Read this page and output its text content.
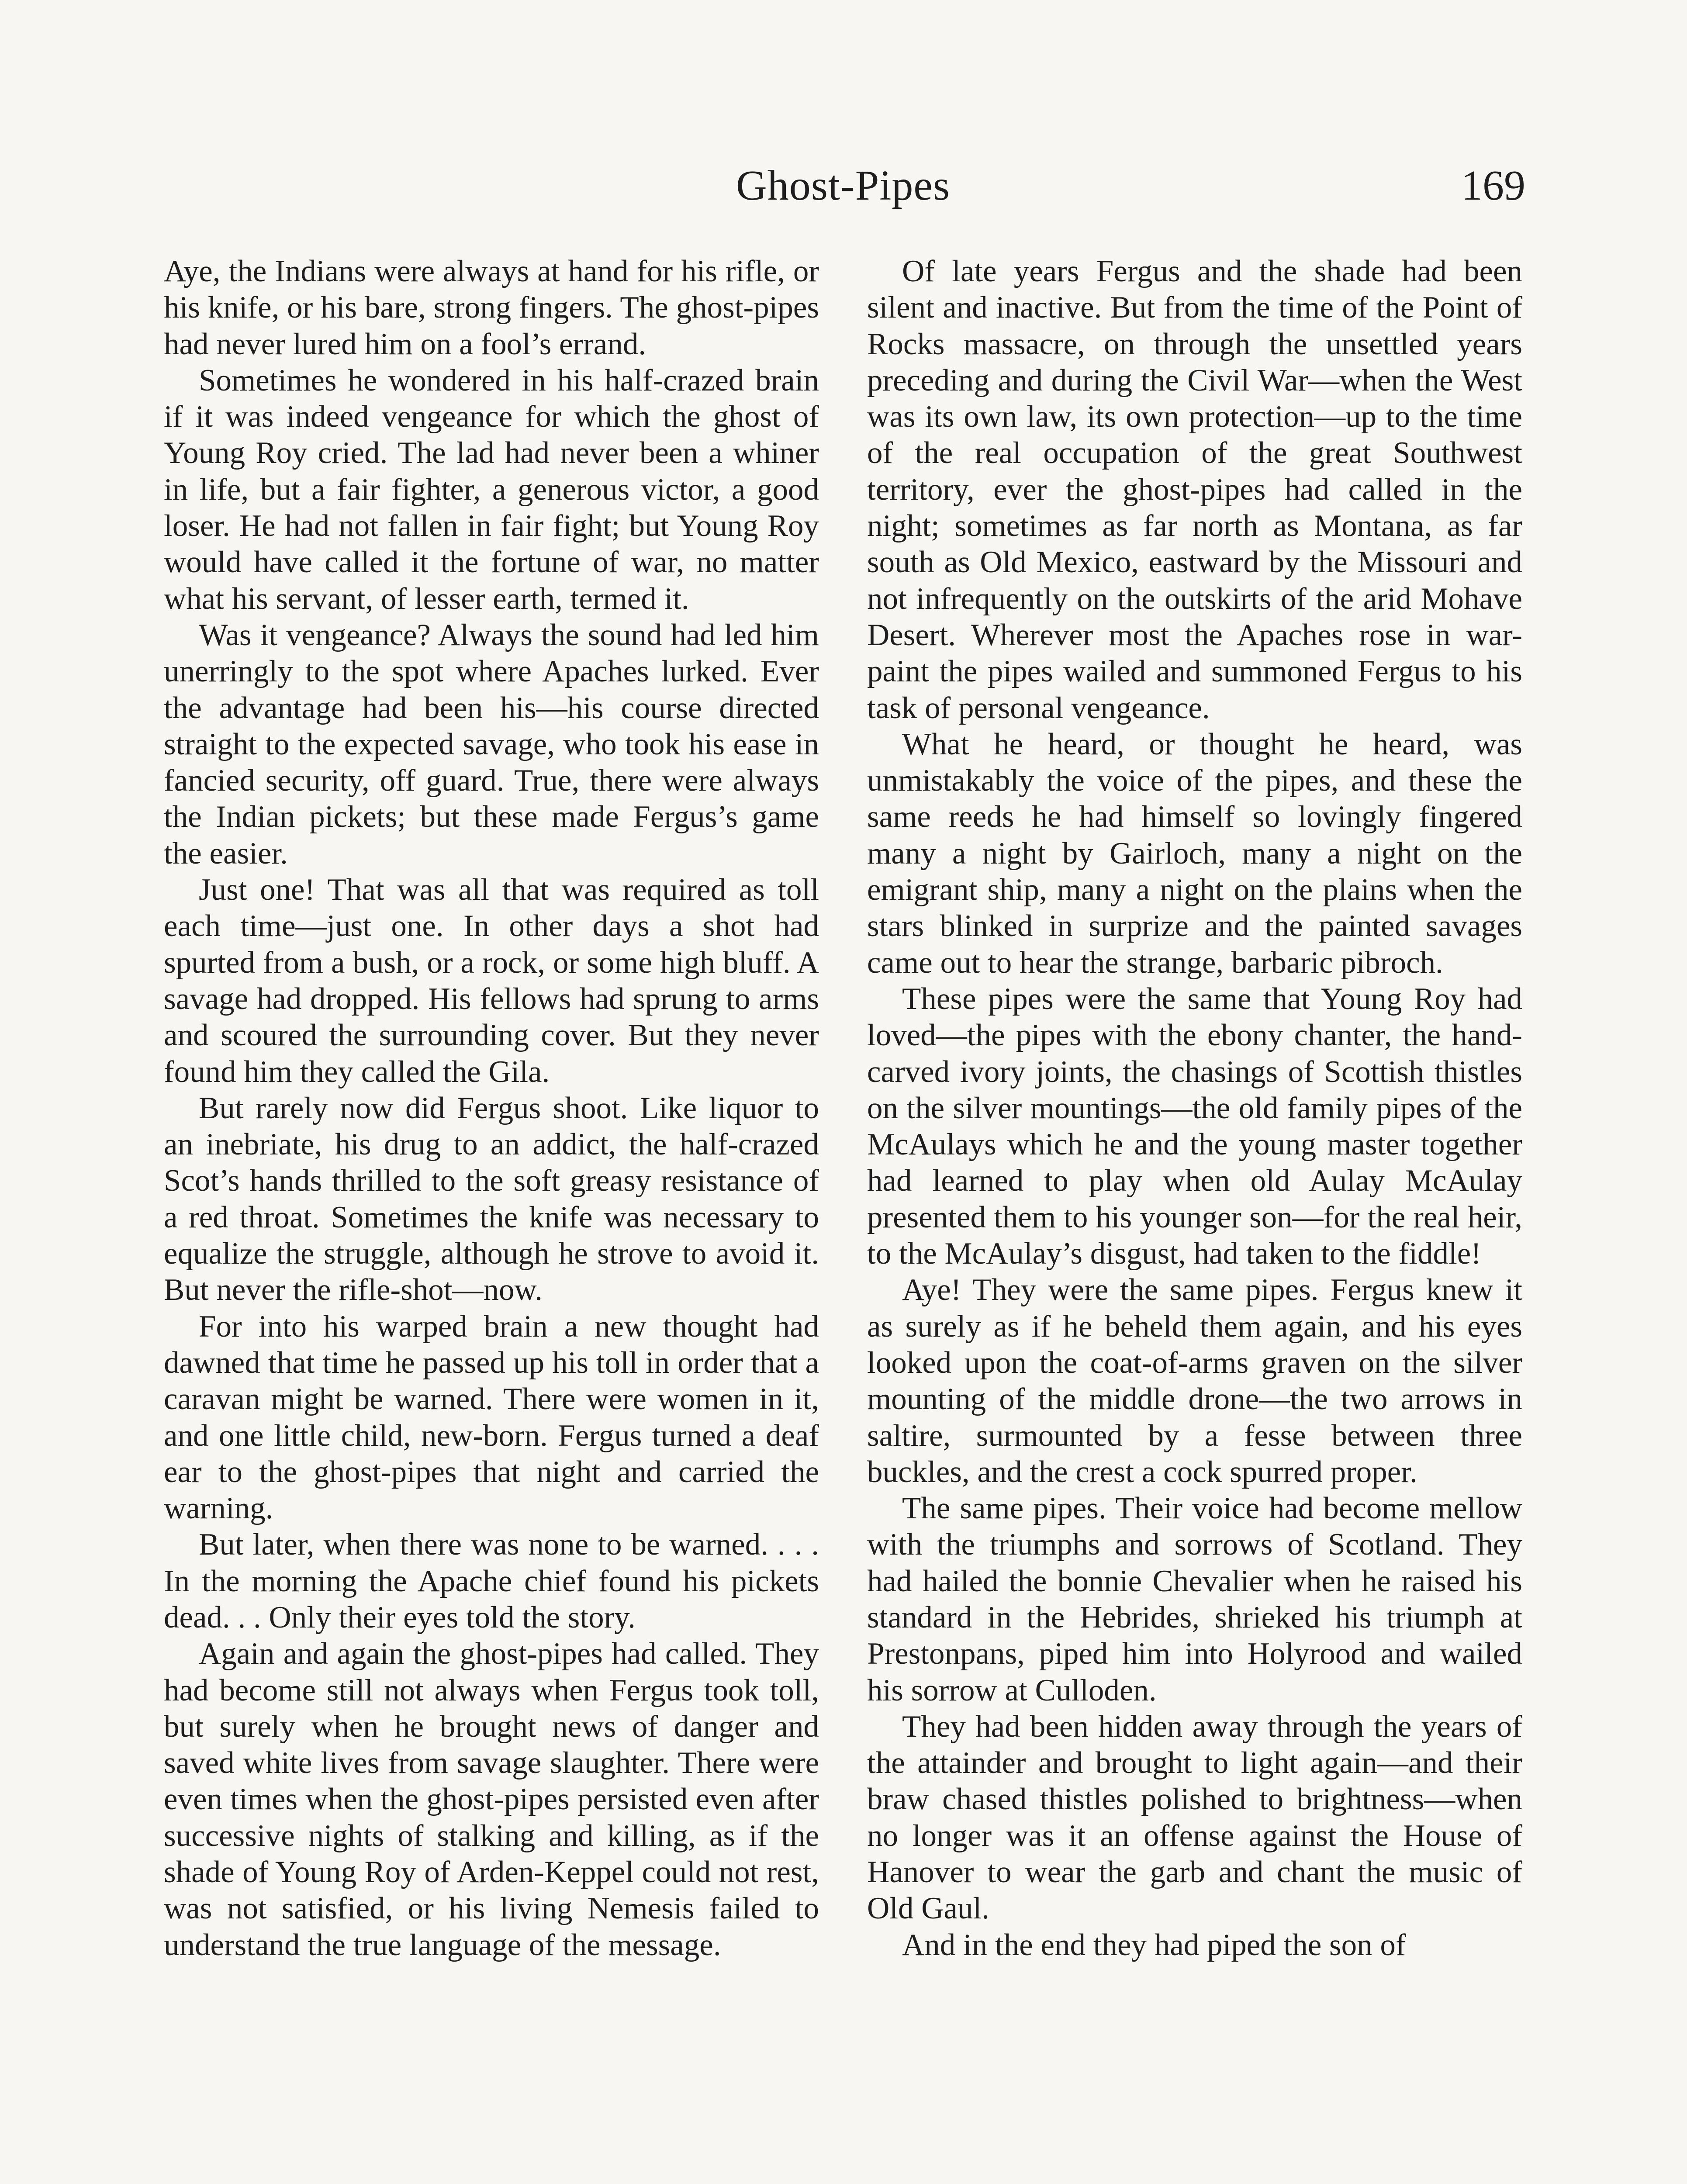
Ghost-Pipes	169

Aye, the Indians were always at hand for his rifle, or his knife, or his bare, strong fingers. The ghost-pipes had never lured him on a fool’s errand.

Sometimes he wondered in his half-crazed brain if it was indeed vengeance for which the ghost of Young Roy cried. The lad had never been a whiner in life, but a fair fighter, a generous victor, a good loser. He had not fallen in fair fight; but Young Roy would have called it the fortune of war, no matter what his servant, of lesser earth, termed it.

Was it vengeance? Always the sound had led him unerringly to the spot where Apaches lurked. Ever the advantage had been his—his course directed straight to the expected savage, who took his ease in fancied security, off guard. True, there were always the Indian pickets; but these made Fergus’s game the easier.

Just one! That was all that was required as toll each time—just one. In other days a shot had spurted from a bush, or a rock, or some high bluff. A savage had dropped. His fellows had sprung to arms and scoured the surrounding cover. But they never found him they called the Gila.

But rarely now did Fergus shoot. Like liquor to an inebriate, his drug to an addict, the half-crazed Scot’s hands thrilled to the soft greasy resistance of a red throat. Sometimes the knife was necessary to equalize the struggle, although he strove to avoid it. But never the rifle-shot—now.

For into his warped brain a new thought had dawned that time he passed up his toll in order that a caravan might be warned. There were women in it, and one little child, new-born. Fergus turned a deaf ear to the ghost-pipes that night and carried the warning.

But later, when there was none to be warned. . . . In the morning the Apache chief found his pickets dead. . . Only their eyes told the story.

Again and again the ghost-pipes had called. They had become still not always when Fergus took toll, but surely when he brought news of danger and saved white lives from savage slaughter. There were even times when the ghost-pipes persisted even after successive nights of stalking and killing, as if the shade of Young Roy of Arden-Keppel could not rest, was not satisfied, or his living Nemesis failed to understand the true language of the message.

Of late years Fergus and the shade had been silent and inactive. But from the time of the Point of Rocks massacre, on through the unsettled years preceding and during the Civil War—when the West was its own law, its own protection—up to the time of the real occupation of the great Southwest territory, ever the ghost-pipes had called in the night; sometimes as far north as Montana, as far south as Old Mexico, eastward by the Missouri and not infrequently on the outskirts of the arid Mohave Desert. Wherever most the Apaches rose in war-paint the pipes wailed and summoned Fergus to his task of personal vengeance.

What he heard, or thought he heard, was unmistakably the voice of the pipes, and these the same reeds he had himself so lovingly fingered many a night by Gairloch, many a night on the emigrant ship, many a night on the plains when the stars blinked in surprize and the painted savages came out to hear the strange, barbaric pibroch.

These pipes were the same that Young Roy had loved—the pipes with the ebony chanter, the hand-carved ivory joints, the chasings of Scottish thistles on the silver mountings—the old family pipes of the McAulays which he and the young master together had learned to play when old Aulay McAulay presented them to his younger son—for the real heir, to the McAulay’s disgust, had taken to the fiddle!

Aye! They were the same pipes. Fergus knew it as surely as if he beheld them again, and his eyes looked upon the coat-of-arms graven on the silver mounting of the middle drone—the two arrows in saltire, surmounted by a fesse between three buckles, and the crest a cock spurred proper.

The same pipes. Their voice had become mellow with the triumphs and sorrows of Scotland. They had hailed the bonnie Chevalier when he raised his standard in the Hebrides, shrieked his triumph at Prestonpans, piped him into Holyrood and wailed his sorrow at Culloden.

They had been hidden away through the years of the attainder and brought to light again—and their braw chased thistles polished to brightness—when no longer was it an offense against the House of Hanover to wear the garb and chant the music of Old Gaul.

And in the end they had piped the son of
